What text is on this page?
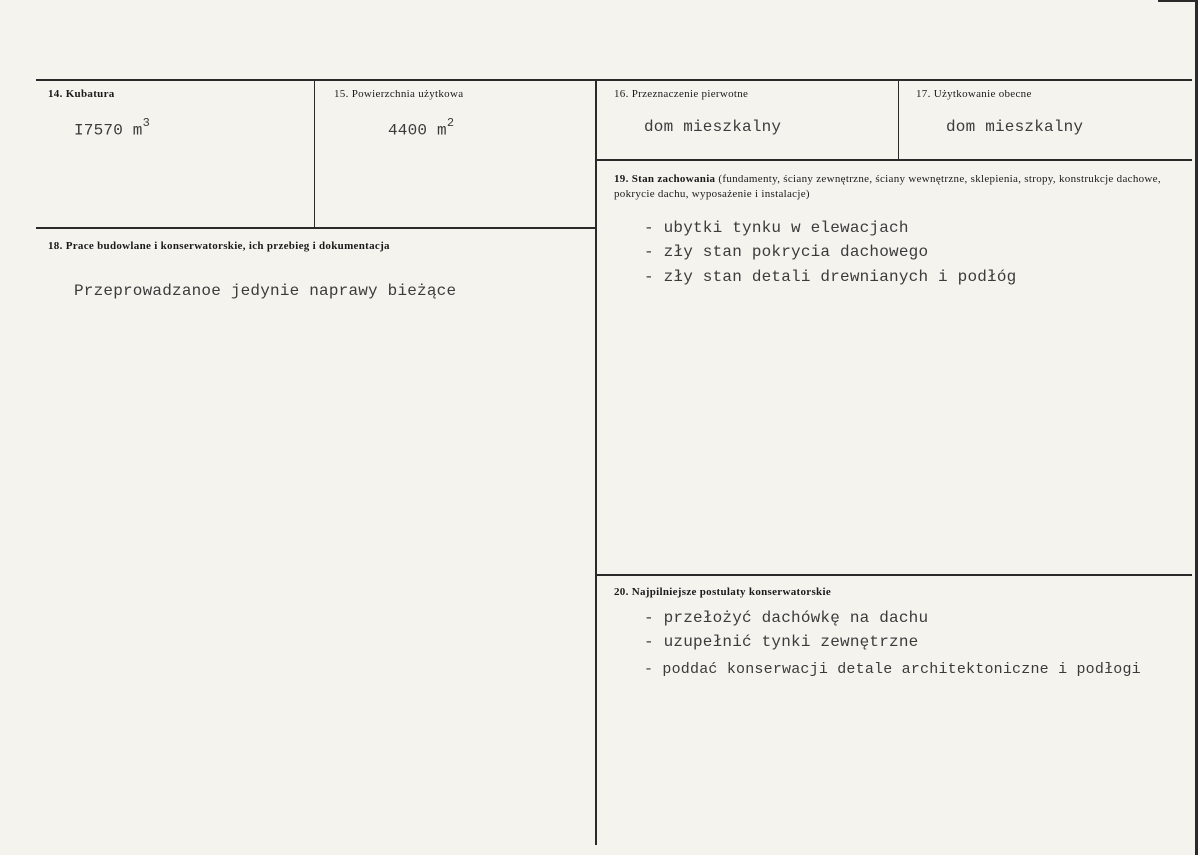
14. Kubatura
I7570 $m^3$
15. Powierzchnia użytkowa
4400 $m^2$
16. Przeznaczenie pierwotne
dom mieszkalny
17. Użytkowanie obecne
dom mieszkalny
19. Stan zachowania (fundamenty, ściany zewnętrzne, ściany wewnętrzne, sklepienia, stropy, konstrukcje dachowe, pokrycie dachu, wyposażenie i instalacje)
- ubytki tynku w elewacjach
- zły stan pokrycia dachowego
- zły stan detali drewnianych i podłóg
18. Prace budowlane i konserwatorskie, ich przebieg i dokumentacja
Przeprowadzanoe jedynie naprawy bieżące
20. Najpilniejsze postulaty konserwatorskie
- przełożyć dachówkę na dachu
- uzupełnić tynki zewnętrzne
- poddać konserwacji detale architektoniczne i podłogi
